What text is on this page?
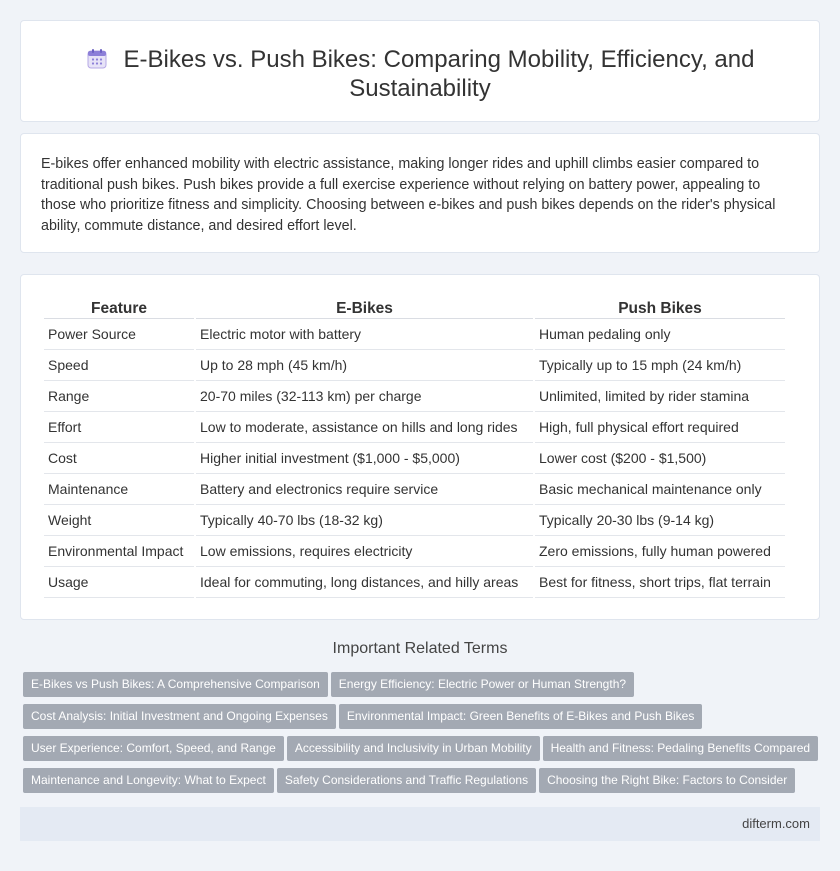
E-Bikes vs. Push Bikes: Comparing Mobility, Efficiency, and Sustainability

E-bikes offer enhanced mobility with electric assistance, making longer rides and uphill climbs easier compared to traditional push bikes. Push bikes provide a full exercise experience without relying on battery power, appealing to those who prioritize fitness and simplicity. Choosing between e-bikes and push bikes depends on the rider's physical ability, commute distance, and desired effort level.

Feature	E-Bikes	Push Bikes
Power Source	Electric motor with battery	Human pedaling only
Speed	Up to 28 mph (45 km/h)	Typically up to 15 mph (24 km/h)
Range	20-70 miles (32-113 km) per charge	Unlimited, limited by rider stamina
Effort	Low to moderate, assistance on hills and long rides	High, full physical effort required
Cost	Higher initial investment ($1,000 - $5,000)	Lower cost ($200 - $1,500)
Maintenance	Battery and electronics require service	Basic mechanical maintenance only
Weight	Typically 40-70 lbs (18-32 kg)	Typically 20-30 lbs (9-14 kg)
Environmental Impact	Low emissions, requires electricity	Zero emissions, fully human powered
Usage	Ideal for commuting, long distances, and hilly areas	Best for fitness, short trips, flat terrain
Important Related Terms
E-Bikes vs Push Bikes: A Comprehensive Comparison Energy Efficiency: Electric Power or Human Strength?
Cost Analysis: Initial Investment and Ongoing Expenses Environmental Impact: Green Benefits of E-Bikes and Push Bikes
User Experience: Comfort, Speed, and Range Accessibility and Inclusivity in Urban Mobility Health and Fitness: Pedaling Benefits Compared
Maintenance and Longevity: What to Expect Safety Considerations and Traffic Regulations Choosing the Right Bike: Factors to Consider
difterm.com
